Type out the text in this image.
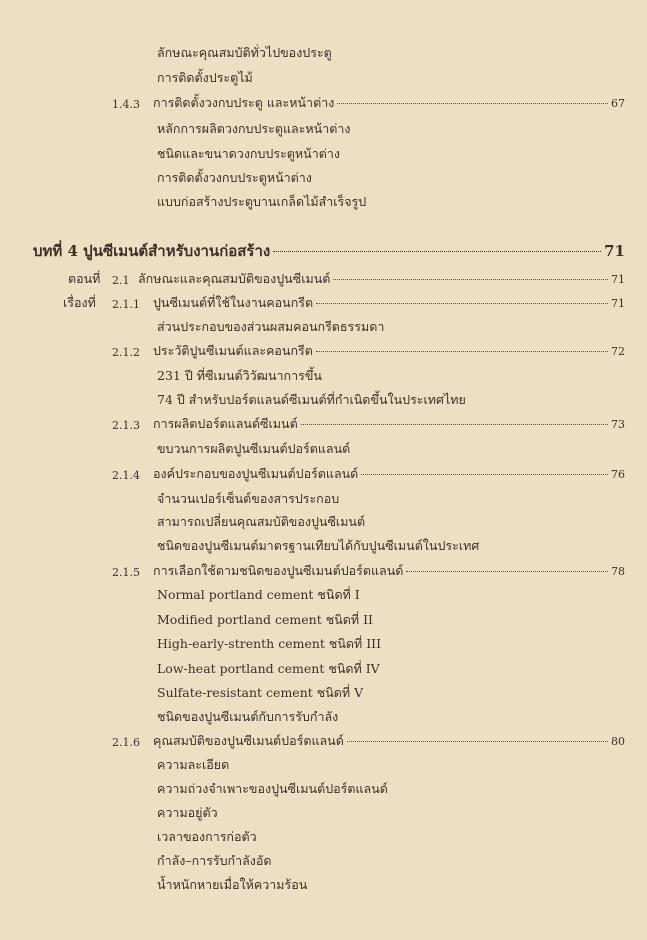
ลักษณะคุณสมบัติทั่วไปของประตู
การติดตั้งประตูไม้
1.4.3 การติดตั้งวงกบประตู และหน้าต่าง	67
หลักการผลิตวงกบประตูและหน้าต่าง
ชนิดและขนาดวงกบประตูหน้าต่าง
การติดตั้งวงกบประตูหน้าต่าง
แบบก่อสร้างประตูบานเกล็ดไม้สำเร็จรูป
บทที่ 4 ปูนซีเมนต์สำหรับงานก่อสร้าง	71
ตอนที่ 2.1 ลักษณะและคุณสมบัติของปูนซีเมนต์	71
เรื่องที่ 2.1.1 ปูนซีเมนต์ที่ใช้ในงานคอนกรีต	71
ส่วนประกอบของส่วนผสมคอนกรีตธรรมดา
2.1.2 ประวัติปูนซีเมนต์และคอนกรีต	72
231 ปี ที่ซีเมนต์วิวัฒนาการขึ้น
74 ปี สำหรับปอร์ตแลนด์ซีเมนต์ที่กำเนิดขึ้นในประเทศไทย
2.1.3 การผลิตปอร์ตแลนด์ซีเมนต์	73
ขบวนการผลิตปูนซีเมนต์ปอร์ตแลนด์
2.1.4 องค์ประกอบของปูนซีเมนต์ปอร์ตแลนด์	76
จำนวนเปอร์เซ็นต์ของสารประกอบ
สามารถเปลี่ยนคุณสมบัติของปูนซีเมนต์
ชนิดของปูนซีเมนต์มาตรฐานเทียบได้กับปูนซีเมนต์ในประเทศ
2.1.5 การเลือกใช้ตามชนิดของปูนซีเมนต์ปอร์ตแลนด์	78
Normal portland cement ชนิดที่ I
Modified portland cement ชนิดที่ II
High-early-strenth cement ชนิดที่ III
Low-heat portland cement ชนิดที่ IV
Sulfate-resistant cement ชนิดที่ V
ชนิดของปูนซีเมนต์กับการรับกำลัง
2.1.6 คุณสมบัติของปูนซีเมนต์ปอร์ตแลนด์	80
ความละเอียด
ความถ่วงจำเพาะของปูนซีเมนต์ปอร์ตแลนด์
ความอยู่ตัว
เวลาของการก่อตัว
กำลัง–การรับกำลังอัด
น้ำหนักหายเมื่อให้ความร้อน
